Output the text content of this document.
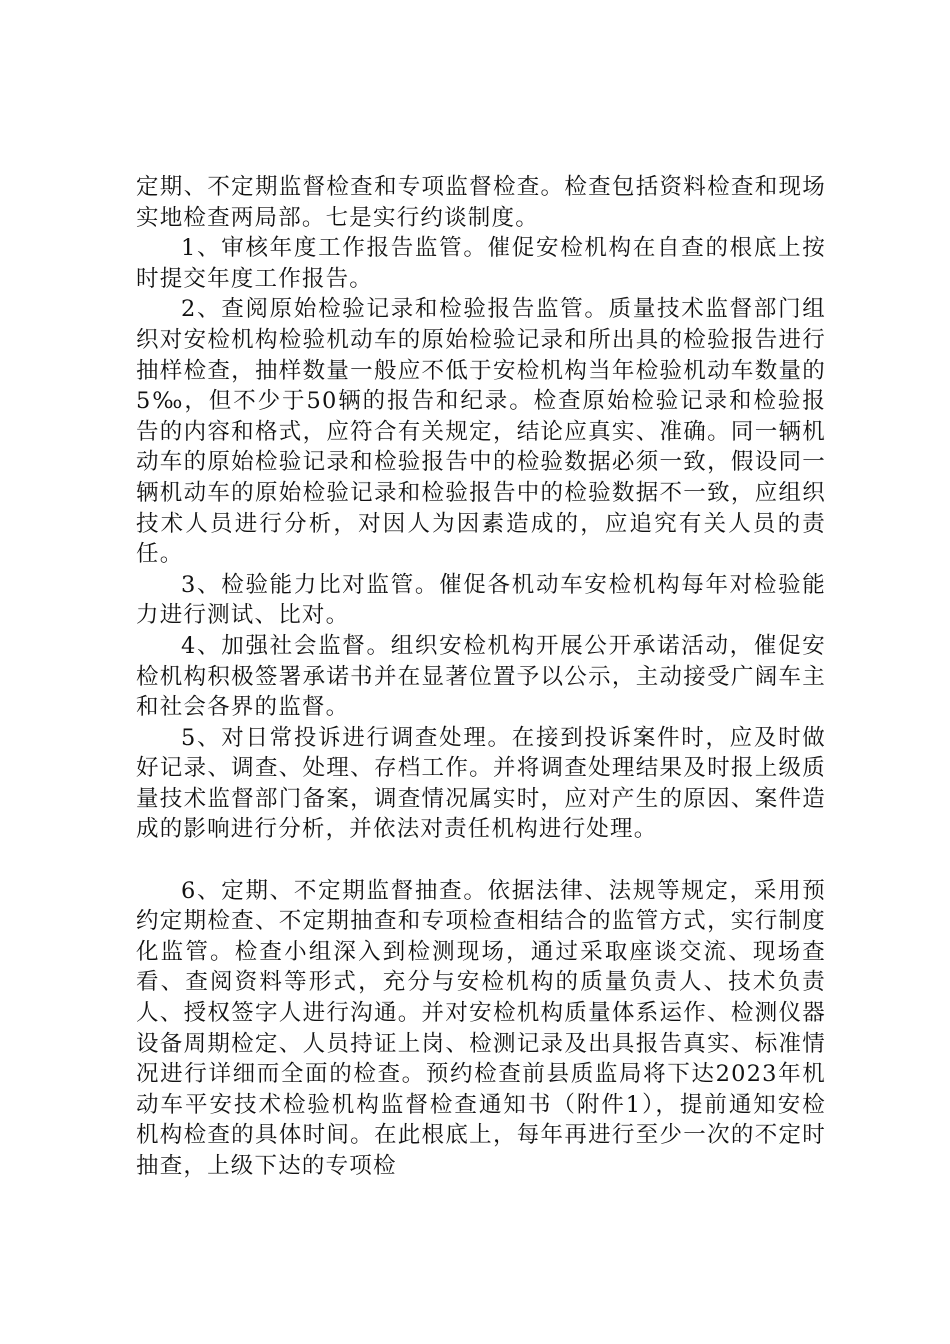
定期、不定期监督检查和专项监督检查。检查包括资料检查和现场实地检查两局部。七是实行约谈制度。

1、审核年度工作报告监管。催促安检机构在自查的根底上按时提交年度工作报告。

2、查阅原始检验记录和检验报告监管。质量技术监督部门组织对安检机构检验机动车的原始检验记录和所出具的检验报告进行抽样检查，抽样数量一般应不低于安检机构当年检验机动车数量的5‰，但不少于50辆的报告和纪录。检查原始检验记录和检验报告的内容和格式，应符合有关规定，结论应真实、准确。同一辆机动车的原始检验记录和检验报告中的检验数据必须一致，假设同一辆机动车的原始检验记录和检验报告中的检验数据不一致，应组织技术人员进行分析，对因人为因素造成的，应追究有关人员的责任。

3、检验能力比对监管。催促各机动车安检机构每年对检验能力进行测试、比对。

4、加强社会监督。组织安检机构开展公开承诺活动，催促安检机构积极签署承诺书并在显著位置予以公示，主动接受广阔车主和社会各界的监督。

5、对日常投诉进行调查处理。在接到投诉案件时，应及时做好记录、调查、处理、存档工作。并将调查处理结果及时报上级质量技术监督部门备案，调查情况属实时，应对产生的原因、案件造成的影响进行分析，并依法对责任机构进行处理。

6、定期、不定期监督抽查。依据法律、法规等规定，采用预约定期检查、不定期抽查和专项检查相结合的监管方式，实行制度化监管。检查小组深入到检测现场，通过采取座谈交流、现场查看、查阅资料等形式，充分与安检机构的质量负责人、技术负责人、授权签字人进行沟通。并对安检机构质量体系运作、检测仪器设备周期检定、人员持证上岗、检测记录及出具报告真实、标准情况进行详细而全面的检查。预约检查前县质监局将下达2023年机动车平安技术检验机构监督检查通知书（附件1），提前通知安检机构检查的具体时间。在此根底上，每年再进行至少一次的不定时抽查，上级下达的专项检
